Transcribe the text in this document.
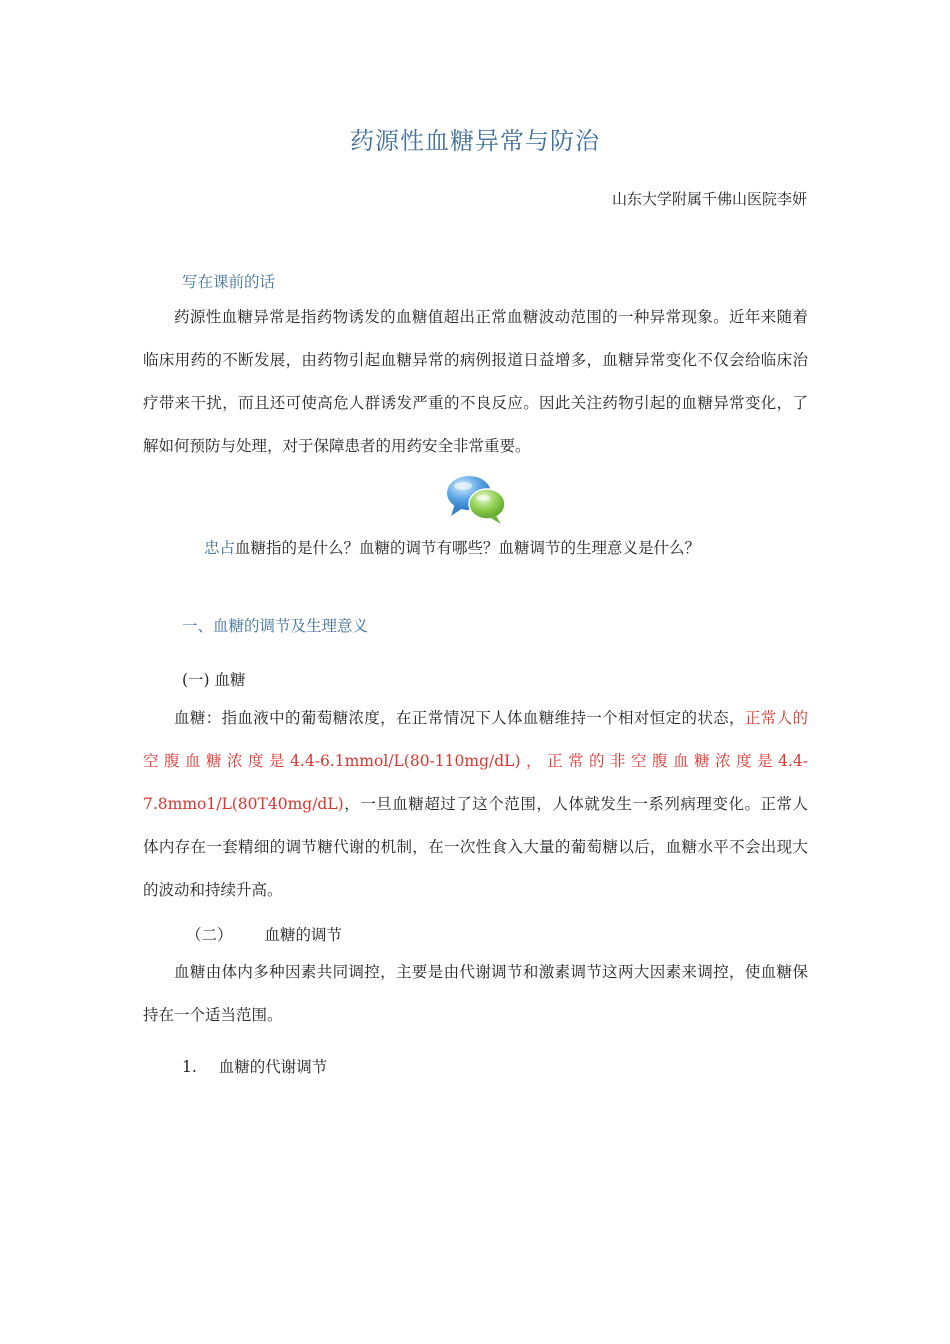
药源性血糖异常与防治
山东大学附属千佛山医院李妍
写在课前的话
药源性血糖异常是指药物诱发的血糖值超出正常血糖波动范围的一种异常现象。近年来随着临床用药的不断发展，由药物引起血糖异常的病例报道日益增多，血糖异常变化不仅会给临床治疗带来干扰，而且还可使高危人群诱发严重的不良反应。因此关注药物引起的血糖异常变化，了解如何预防与处理，对于保障患者的用药安全非常重要。
忠占血糖指的是什么？血糖的调节有哪些？血糖调节的生理意义是什么？
一、血糖的调节及生理意义
(一) 血糖
血糖：指血液中的葡萄糖浓度，在正常情况下人体血糖维持一个相对恒定的状态，正常人的空腹血糖浓度是4.4-6.1mmol/L(80-110mg/dL)，正常的非空腹血糖浓度是4.4-7.8mmo1/L(80T40mg/dL)，一旦血糖超过了这个范围，人体就发生一系列病理变化。正常人体内存在一套精细的调节糖代谢的机制，在一次性食入大量的葡萄糖以后，血糖水平不会出现大的波动和持续升高。
（二） 血糖的调节
血糖由体内多种因素共同调控，主要是由代谢调节和激素调节这两大因素来调控，使血糖保持在一个适当范围。
1. 血糖的代谢调节
